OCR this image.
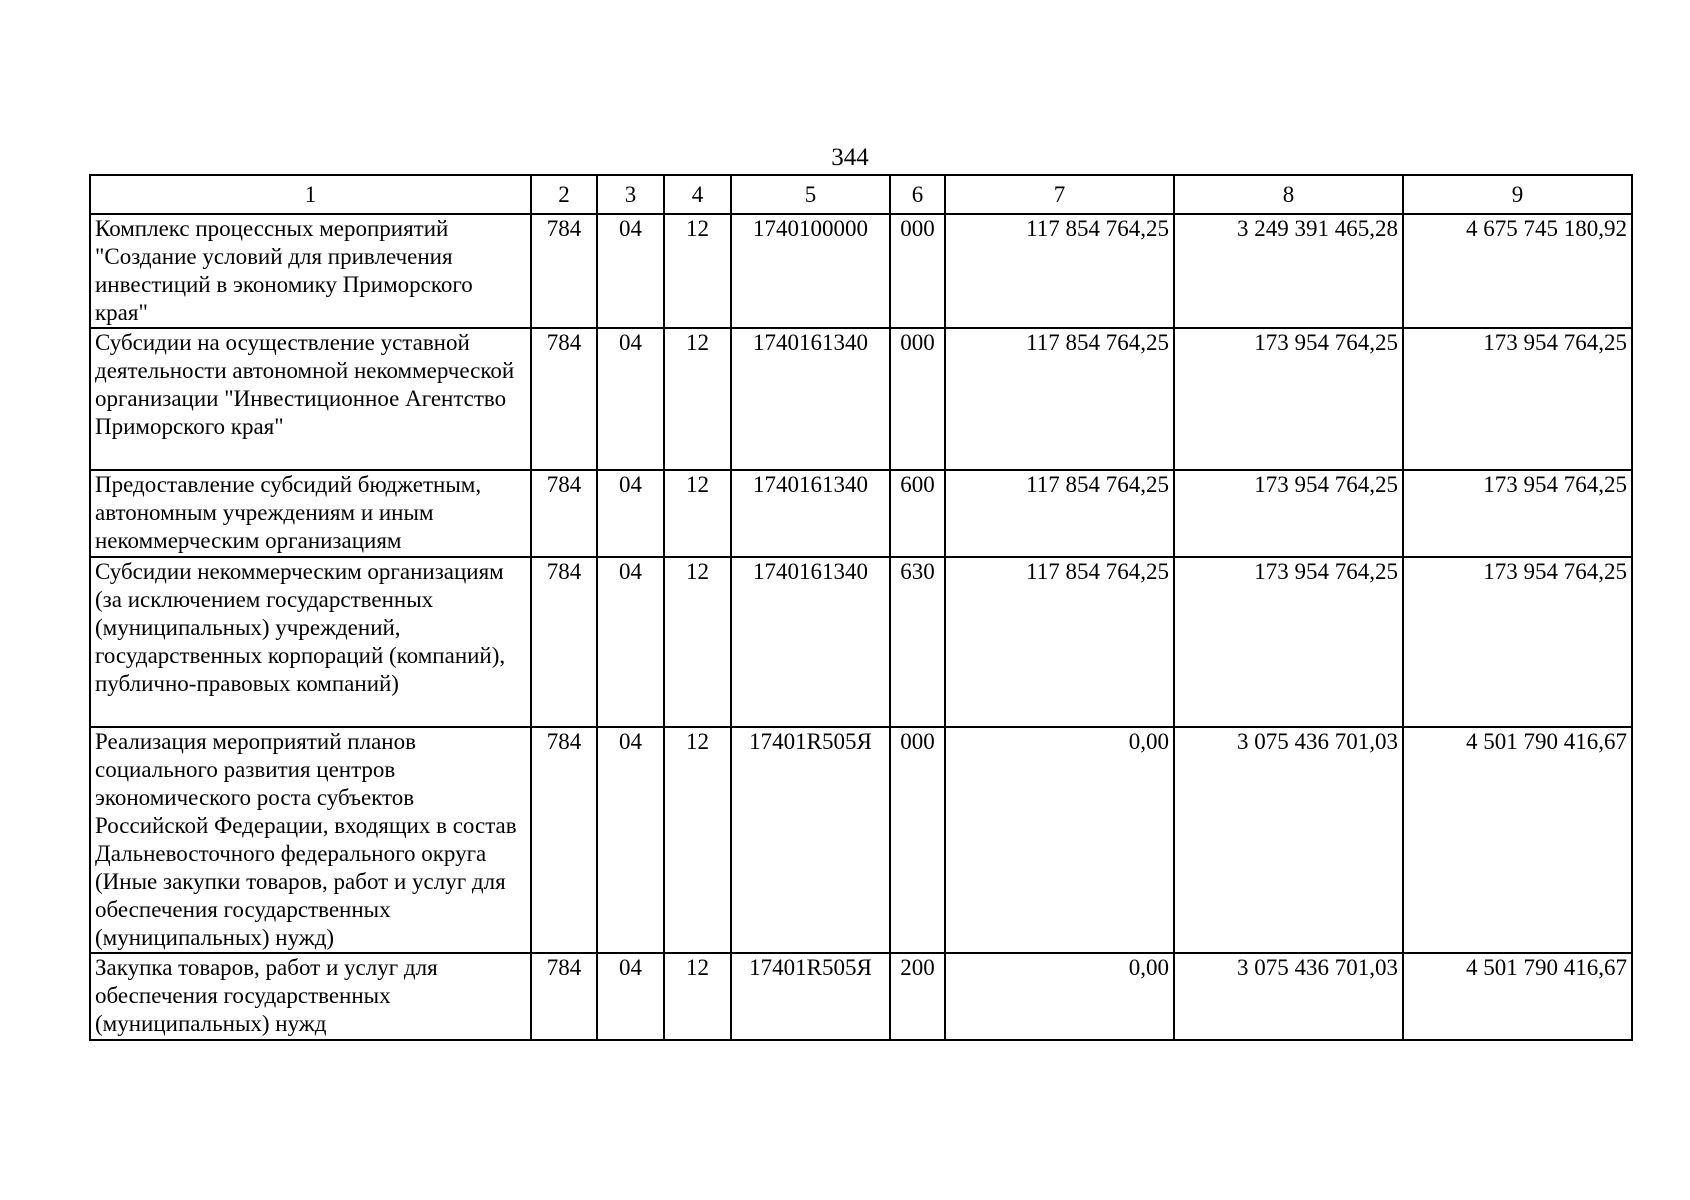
344
1	2	3	4	5	6	7	8	9
Комплекс процессных мероприятий "Создание условий для привлечения инвестиций в экономику Приморского края"	784	04	12	1740100000	000	117 854 764,25	3 249 391 465,28	4 675 745 180,92
Субсидии на осуществление уставной деятельности автономной некоммерческой организации "Инвестиционное Агентство Приморского края"	784	04	12	1740161340	000	117 854 764,25	173 954 764,25	173 954 764,25
Предоставление субсидий бюджетным, автономным учреждениям и иным некоммерческим организациям	784	04	12	1740161340	600	117 854 764,25	173 954 764,25	173 954 764,25
Субсидии некоммерческим организациям (за исключением государственных (муниципальных) учреждений, государственных корпораций (компаний), публично-правовых компаний)	784	04	12	1740161340	630	117 854 764,25	173 954 764,25	173 954 764,25
Реализация мероприятий планов социального развития центров экономического роста субъектов Российской Федерации, входящих в состав Дальневосточного федерального округа (Иные закупки товаров, работ и услуг для обеспечения государственных (муниципальных) нужд)	784	04	12	17401R505Я	000	0,00	3 075 436 701,03	4 501 790 416,67
Закупка товаров, работ и услуг для обеспечения государственных (муниципальных) нужд	784	04	12	17401R505Я	200	0,00	3 075 436 701,03	4 501 790 416,67
